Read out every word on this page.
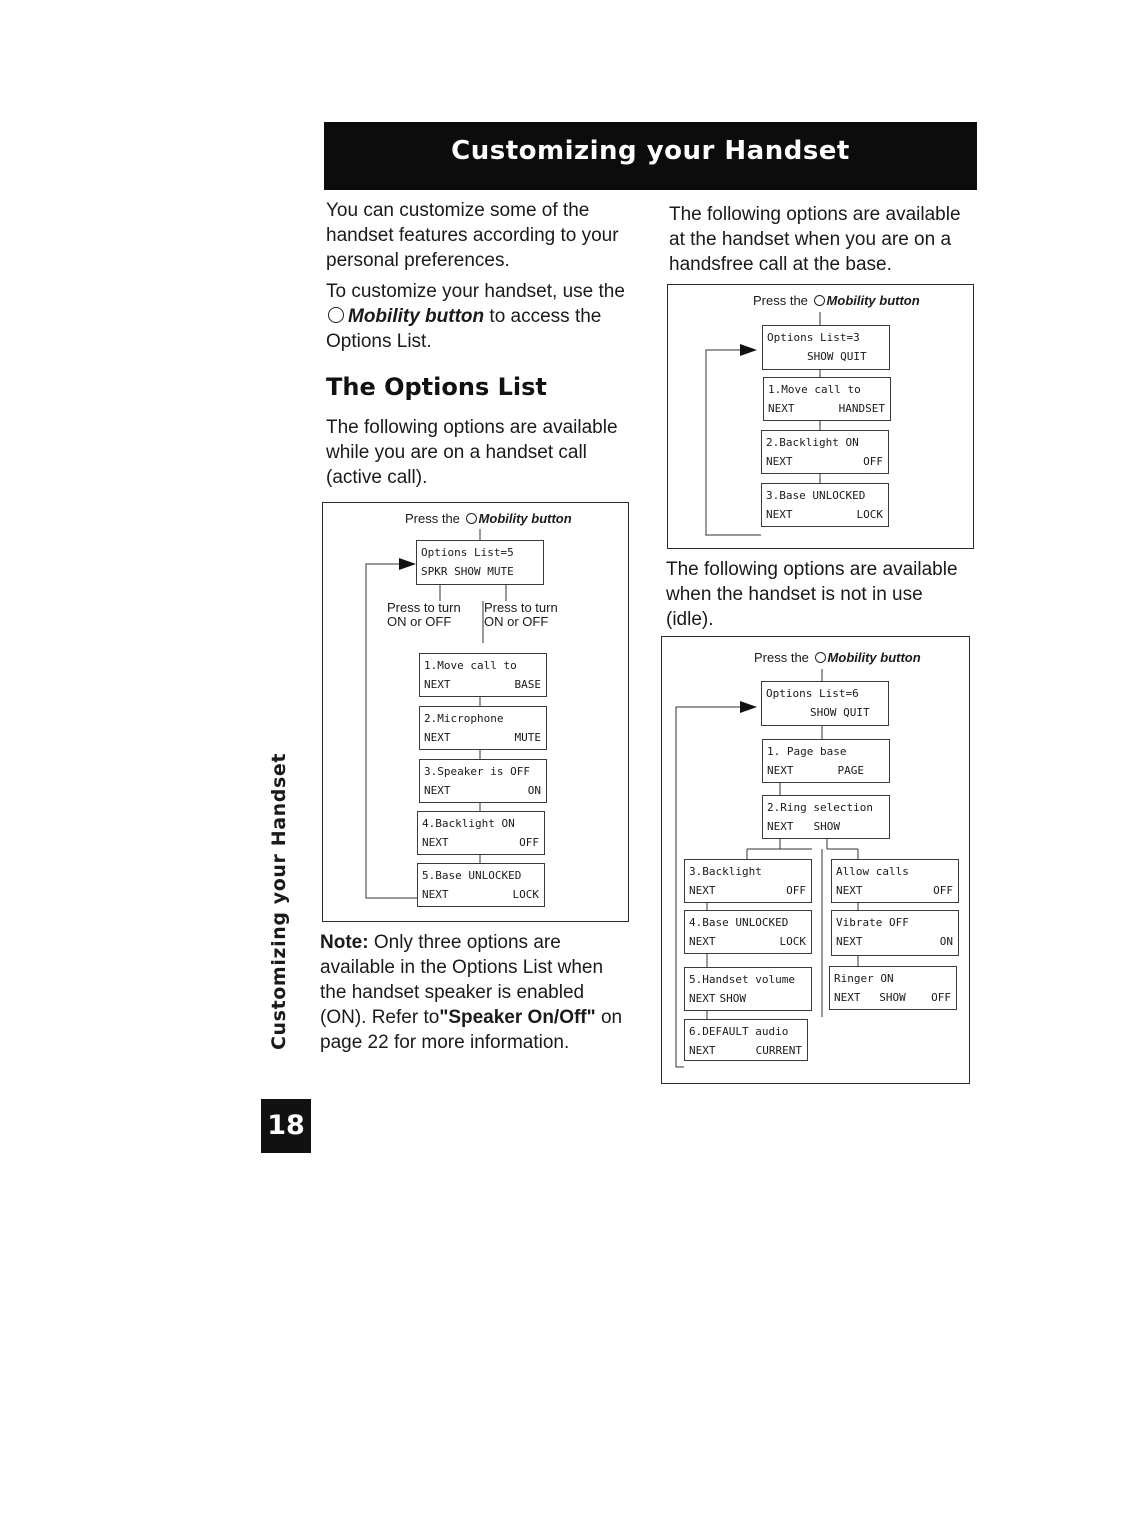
Customizing your Handset

You can customize some of the handset features according to your personal preferences.

To customize your handset, use the Mobility button to access the Options List.

The Options List
The following options are available while you are on a handset call (active call).
Press the Mobility button
Options List=5
SPKR SHOW MUTE
Press to turn
ON or OFF
Press to turn
ON or OFF
1.Move call to
NEXT	BASE
2.Microphone
NEXT	MUTE
3.Speaker is OFF
NEXT	ON
4.Backlight ON
NEXT	OFF
5.Base UNLOCKED
NEXT	LOCK
Note: Only three options are available in the Options List when the handset speaker is enabled (ON). Refer to"Speaker On/Off" on page 22 for more information.
The following options are available at the handset when you are on a handsfree call at the base.
Press the Mobility button
Options List=3
SHOW QUIT
1.Move call to
NEXT	HANDSET
2.Backlight ON
NEXT	OFF
3.Base UNLOCKED
NEXT	LOCK
The following options are available when the handset is not in use (idle).
Press the Mobility button
Options List=6
SHOW QUIT
1. Page base
NEXT	PAGE
2.Ring selection
NEXT SHOW
3.Backlight
NEXT	OFF
4.Base UNLOCKED
NEXT	LOCK
5.Handset volume
NEXT SHOW
6.DEFAULT audio
NEXT	CURRENT
Allow calls
NEXT	OFF
Vibrate OFF
NEXT	ON
Ringer ON
NEXT	SHOW	OFF
Customizing your Handset
18
